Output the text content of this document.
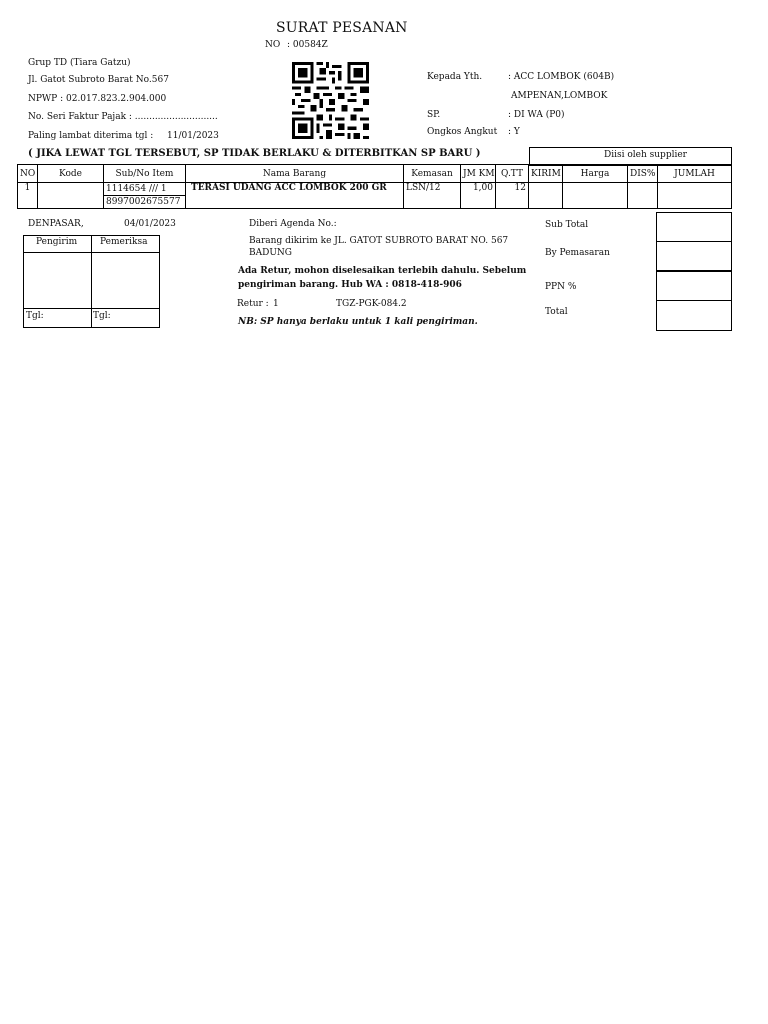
SURAT PESANAN
NO : 00584Z
Grup TD (Tiara Gatzu)
Jl. Gatot Subroto Barat No.567
NPWP : 02.017.823.2.904.000
No. Seri Faktur Pajak : .............................
Paling lambat diterima tgl : 11/01/2023
Kepada Yth.	: ACC LOMBOK (604B)
AMPENAN,LOMBOK
SP.	: DI WA (P0)
Ongkos Angkut : Y
( JIKA LEWAT TGL TERSEBUT, SP TIDAK BERLAKU & DITERBITKAN SP BARU )	Diisi oleh supplier
NO	Kode	Sub/No Item	Nama Barang	Kemasan	JM KM	Q.TT	KIRIM	Harga	DIS%	JUMLAH
1		1114654 /// 1	TERASI UDANG ACC LOMBOK 200 GR	LSN/12	1,00	12				
		8997002675577								
DENPASAR,	04/01/2023
Pengirim	Pemeriksa
Tgl:	Tgl:
Diberi Agenda No.:
Barang dikirim ke JL. GATOT SUBROTO BARAT NO. 567
BADUNG
Ada Retur, mohon diselesaikan terlebih dahulu. Sebelum
pengiriman barang. Hub WA : 0818-418-906
Retur : 1	TGZ-PGK-084.2
NB: SP hanya berlaku untuk 1 kali pengiriman.
Sub Total
By Pemasaran
PPN %
Total
